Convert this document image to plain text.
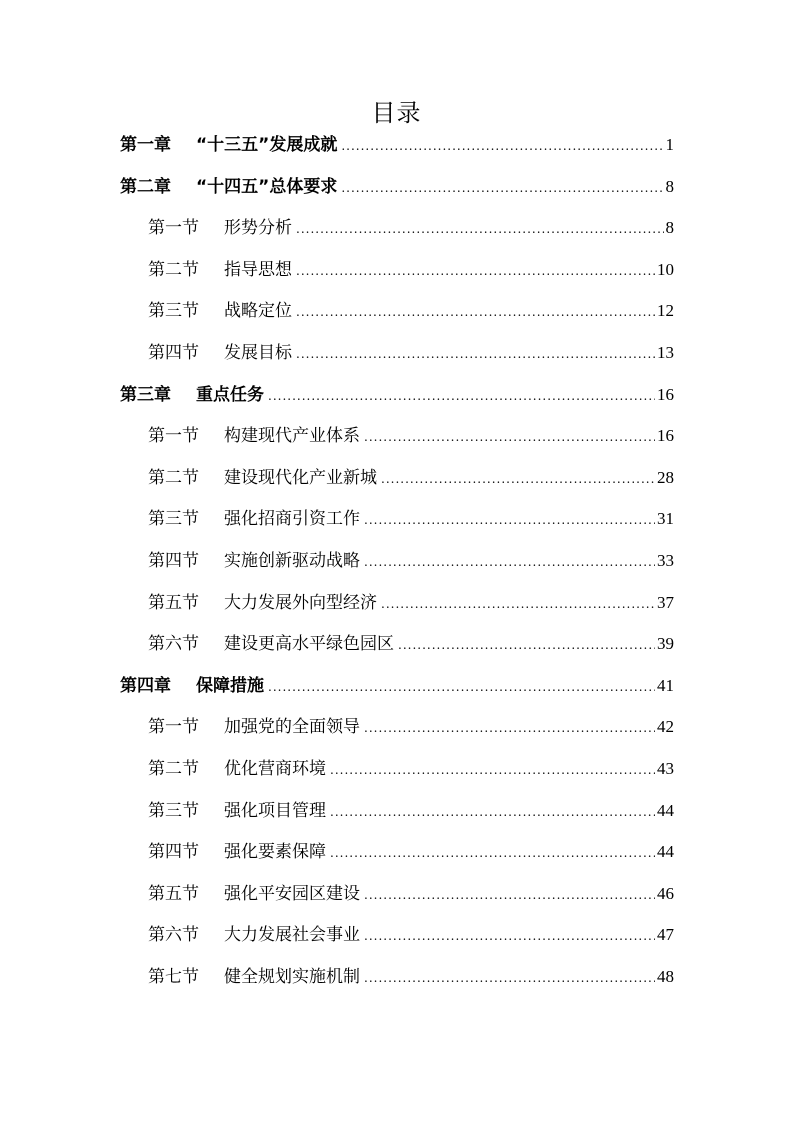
目录
第一章	“十三五”发展成就 .....	1
第二章	“十四五”总体要求 .....	8
第一节	形势分析 .....	8
第二节	指导思想 .....	10
第三节	战略定位 .....	12
第四节	发展目标 .....	13
第三章	重点任务 .....	16
第一节	构建现代产业体系 .....	16
第二节	建设现代化产业新城 .....	28
第三节	强化招商引资工作 .....	31
第四节	实施创新驱动战略 .....	33
第五节	大力发展外向型经济 .....	37
第六节	建设更高水平绿色园区 .....	39
第四章	保障措施 .....	41
第一节	加强党的全面领导 .....	42
第二节	优化营商环境 .....	43
第三节	强化项目管理 .....	44
第四节	强化要素保障 .....	44
第五节	强化平安园区建设 .....	46
第六节	大力发展社会事业 .....	47
第七节	健全规划实施机制 .....	48
